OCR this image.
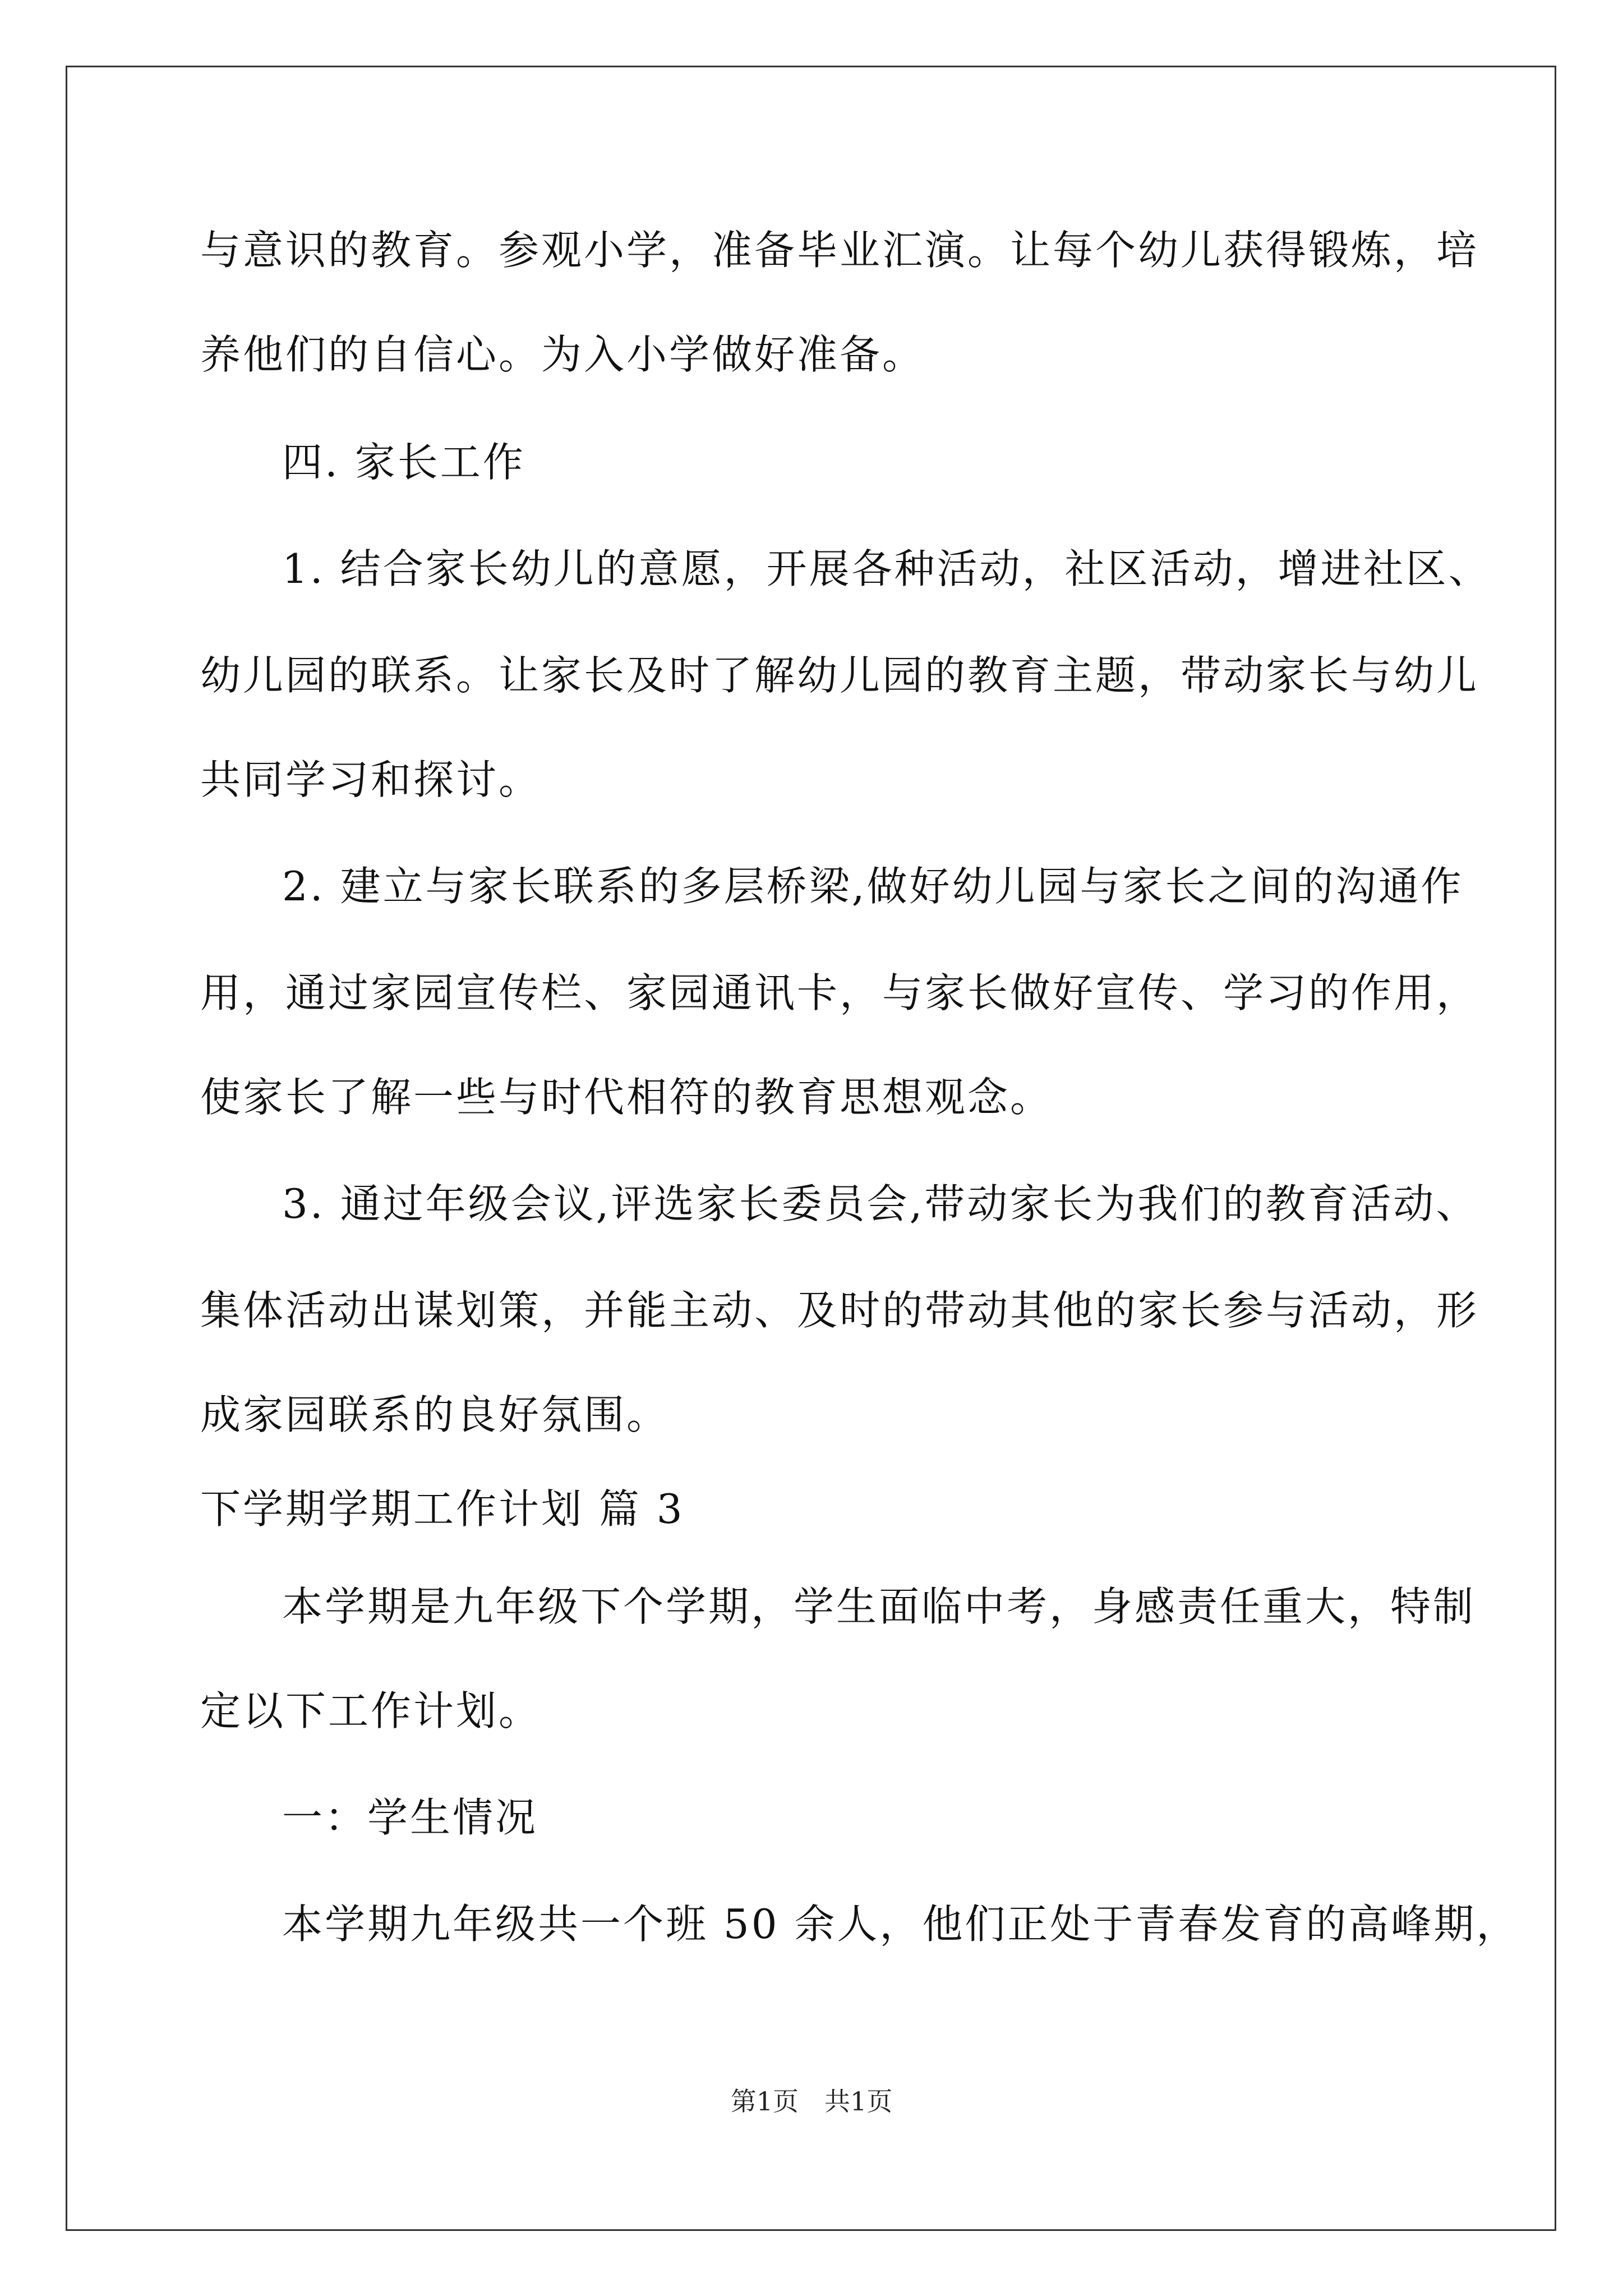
与意识的教育。参观小学，准备毕业汇演。让每个幼儿获得锻炼，培
养他们的自信心。为入小学做好准备。
四. 家长工作
1. 结合家长幼儿的意愿，开展各种活动，社区活动，增进社区、
幼儿园的联系。让家长及时了解幼儿园的教育主题，带动家长与幼儿
共同学习和探讨。
2. 建立与家长联系的多层桥梁,做好幼儿园与家长之间的沟通作
用，通过家园宣传栏、家园通讯卡，与家长做好宣传、学习的作用，
使家长了解一些与时代相符的教育思想观念。
3. 通过年级会议,评选家长委员会,带动家长为我们的教育活动、
集体活动出谋划策，并能主动、及时的带动其他的家长参与活动，形
成家园联系的良好氛围。
下学期学期工作计划 篇 3
本学期是九年级下个学期，学生面临中考，身感责任重大，特制
定以下工作计划。
一：学生情况
本学期九年级共一个班 50 余人，他们正处于青春发育的高峰期，
第1页　共1页
